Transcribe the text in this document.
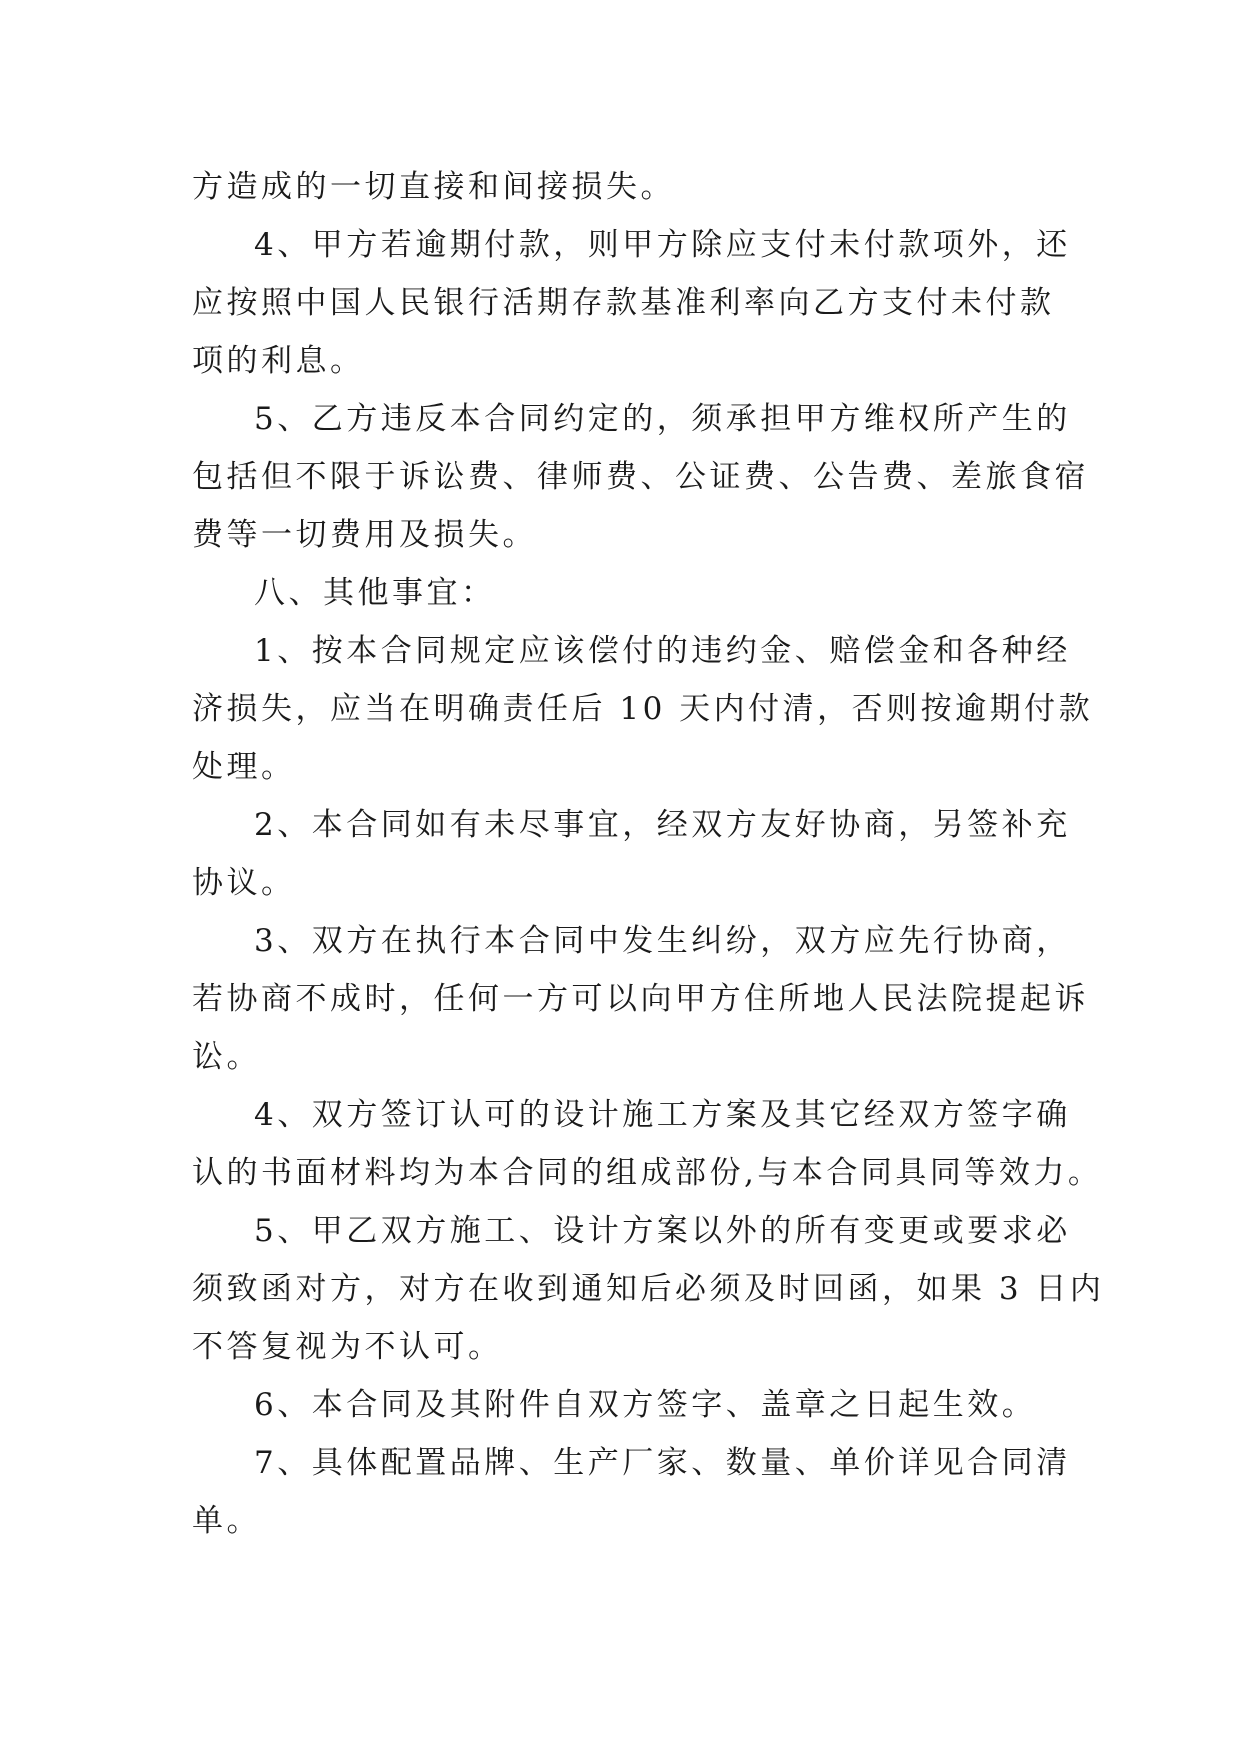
方造成的一切直接和间接损失。

4、甲方若逾期付款，则甲方除应支付未付款项外，还

应按照中国人民银行活期存款基准利率向乙方支付未付款

项的利息。

5、乙方违反本合同约定的，须承担甲方维权所产生的

包括但不限于诉讼费、律师费、公证费、公告费、差旅食宿

费等一切费用及损失。

八、其他事宜：

1、按本合同规定应该偿付的违约金、赔偿金和各种经

济损失，应当在明确责任后 10 天内付清，否则按逾期付款

处理。

2、本合同如有未尽事宜，经双方友好协商，另签补充

协议。

3、双方在执行本合同中发生纠纷，双方应先行协商，

若协商不成时，任何一方可以向甲方住所地人民法院提起诉

讼。

4、双方签订认可的设计施工方案及其它经双方签字确

认的书面材料均为本合同的组成部份,与本合同具同等效力。

5、甲乙双方施工、设计方案以外的所有变更或要求必

须致函对方，对方在收到通知后必须及时回函，如果 3 日内

不答复视为不认可。

6、本合同及其附件自双方签字、盖章之日起生效。

7、具体配置品牌、生产厂家、数量、单价详见合同清

单。
